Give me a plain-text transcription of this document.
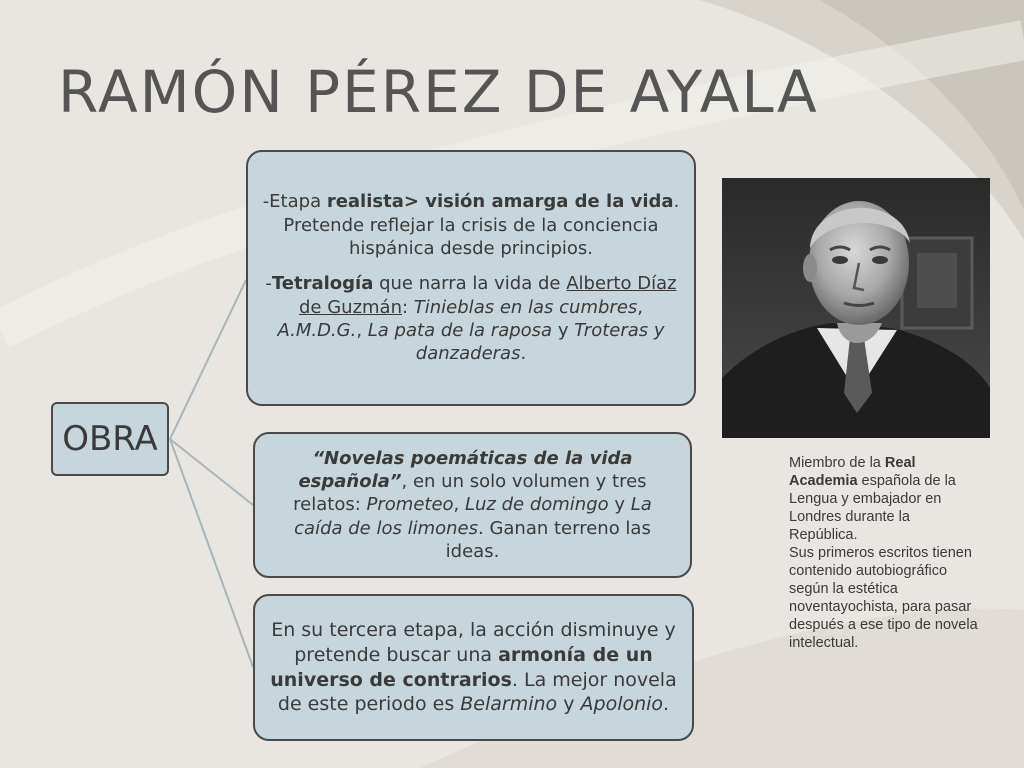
RAMÓN PÉREZ DE AYALA
OBRA

-Etapa realista> visión amarga de la vida. Pretende reflejar la crisis de la conciencia hispánica desde principios.

-Tetralogía que narra la vida de Alberto Díaz de Guzmán: Tinieblas en las cumbres, A.M.D.G., La pata de la raposa y Troteras y danzaderas.

“Novelas poemáticas de la vida española”, en un solo volumen y tres relatos: Prometeo, Luz de domingo y La caída de los limones. Ganan terreno las ideas.

En su tercera etapa, la acción disminuye y pretende buscar una armonía de un universo de contrarios. La mejor novela de este periodo es Belarmino y Apolonio.

Miembro de la Real Academia española de la Lengua y embajador en Londres durante la República.

Sus primeros escritos tienen contenido autobiográfico según la estética noventayochista, para pasar después a ese tipo de novela intelectual.
